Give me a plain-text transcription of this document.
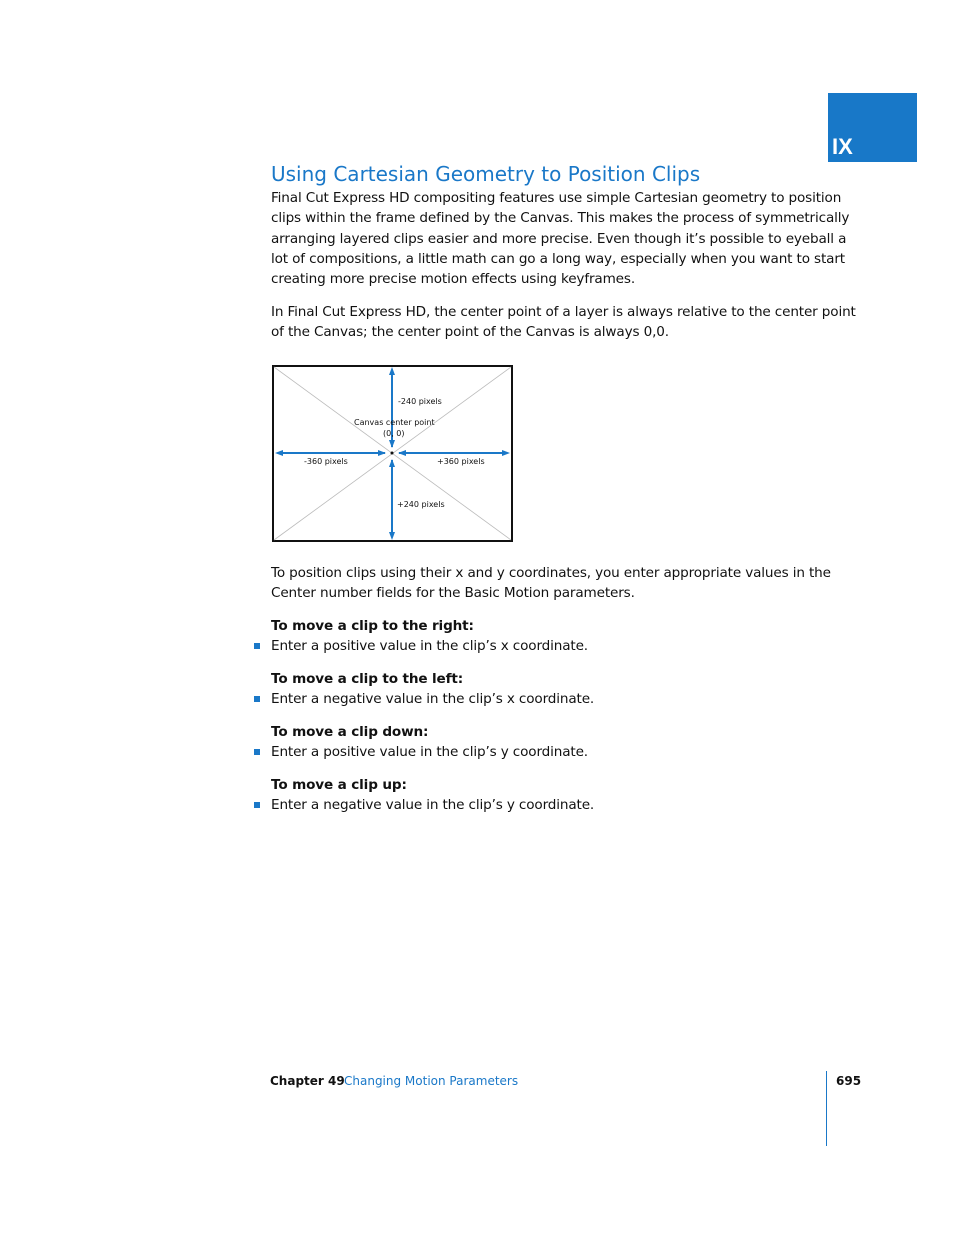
IX
Using Cartesian Geometry to Position Clips
Final Cut Express HD compositing features use simple Cartesian geometry to position
clips within the frame defined by the Canvas. This makes the process of symmetrically
arranging layered clips easier and more precise. Even though it’s possible to eyeball a
lot of compositions, a little math can go a long way, especially when you want to start
creating more precise motion effects using keyframes.
In Final Cut Express HD, the center point of a layer is always relative to the center point
of the Canvas; the center point of the Canvas is always 0,0.
-240 pixels
Canvas center point
(0, 0)
-360 pixels	+360 pixels
+240 pixels
To position clips using their x and y coordinates, you enter appropriate values in the
Center number fields for the Basic Motion parameters.
To move a clip to the right:
Enter a positive value in the clip’s x coordinate.
To move a clip to the left:
Enter a negative value in the clip’s x coordinate.
To move a clip down:
Enter a positive value in the clip’s y coordinate.
To move a clip up:
Enter a negative value in the clip’s y coordinate.
Chapter 49 Changing Motion Parameters	695
